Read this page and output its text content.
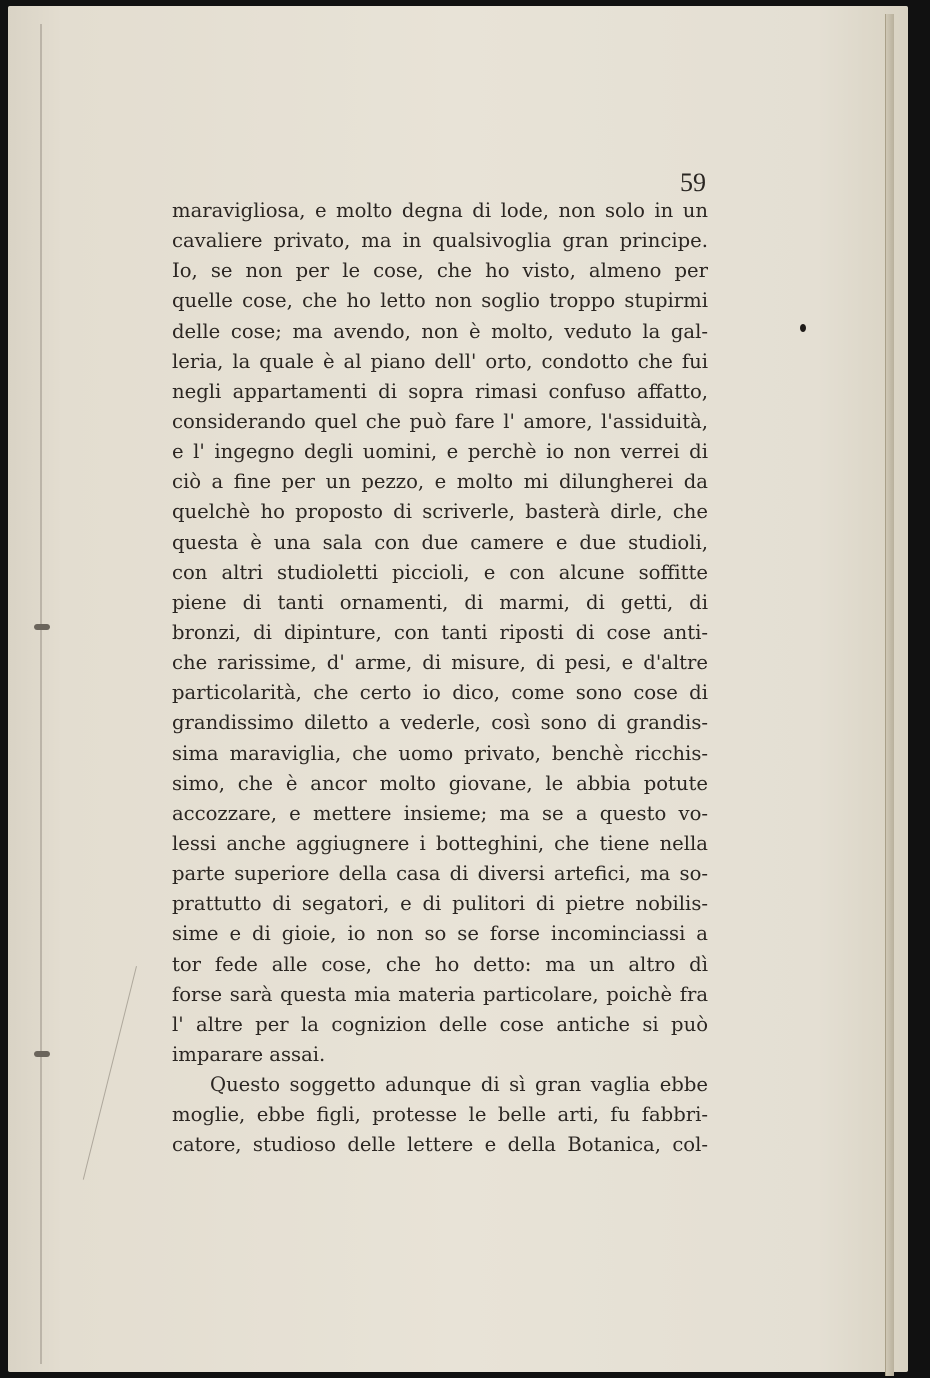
59
maravigliosa, e molto degna di lode, non solo in un
cavaliere privato, ma in qualsivoglia gran principe.
Io, se non per le cose, che ho visto, almeno per
quelle cose, che ho letto non soglio troppo stupirmi
delle cose; ma avendo, non è molto, veduto la gal-
leria, la quale è al piano dell' orto, condotto che fui
negli appartamenti di sopra rimasi confuso affatto,
considerando quel che può fare l' amore, l'assiduità,
e l' ingegno degli uomini, e perchè io non verrei di
ciò a fine per un pezzo, e molto mi dilungherei da
quelchè ho proposto di scriverle, basterà dirle, che
questa è una sala con due camere e due studioli,
con altri studioletti piccioli, e con alcune soffitte
piene di tanti ornamenti, di marmi, di getti, di
bronzi, di dipinture, con tanti riposti di cose anti-
che rarissime, d' arme, di misure, di pesi, e d'altre
particolarità, che certo io dico, come sono cose di
grandissimo diletto a vederle, così sono di grandis-
sima maraviglia, che uomo privato, benchè ricchis-
simo, che è ancor molto giovane, le abbia potute
accozzare, e mettere insieme; ma se a questo vo-
lessi anche aggiugnere i botteghini, che tiene nella
parte superiore della casa di diversi artefici, ma so-
prattutto di segatori, e di pulitori di pietre nobilis-
sime e di gioie, io non so se forse incominciassi a
tor fede alle cose, che ho detto: ma un altro dì
forse sarà questa mia materia particolare, poichè fra
l' altre per la cognizion delle cose antiche si può
imparare assai.
Questo soggetto adunque di sì gran vaglia ebbe
moglie, ebbe figli, protesse le belle arti, fu fabbri-
catore, studioso delle lettere e della Botanica, col-
